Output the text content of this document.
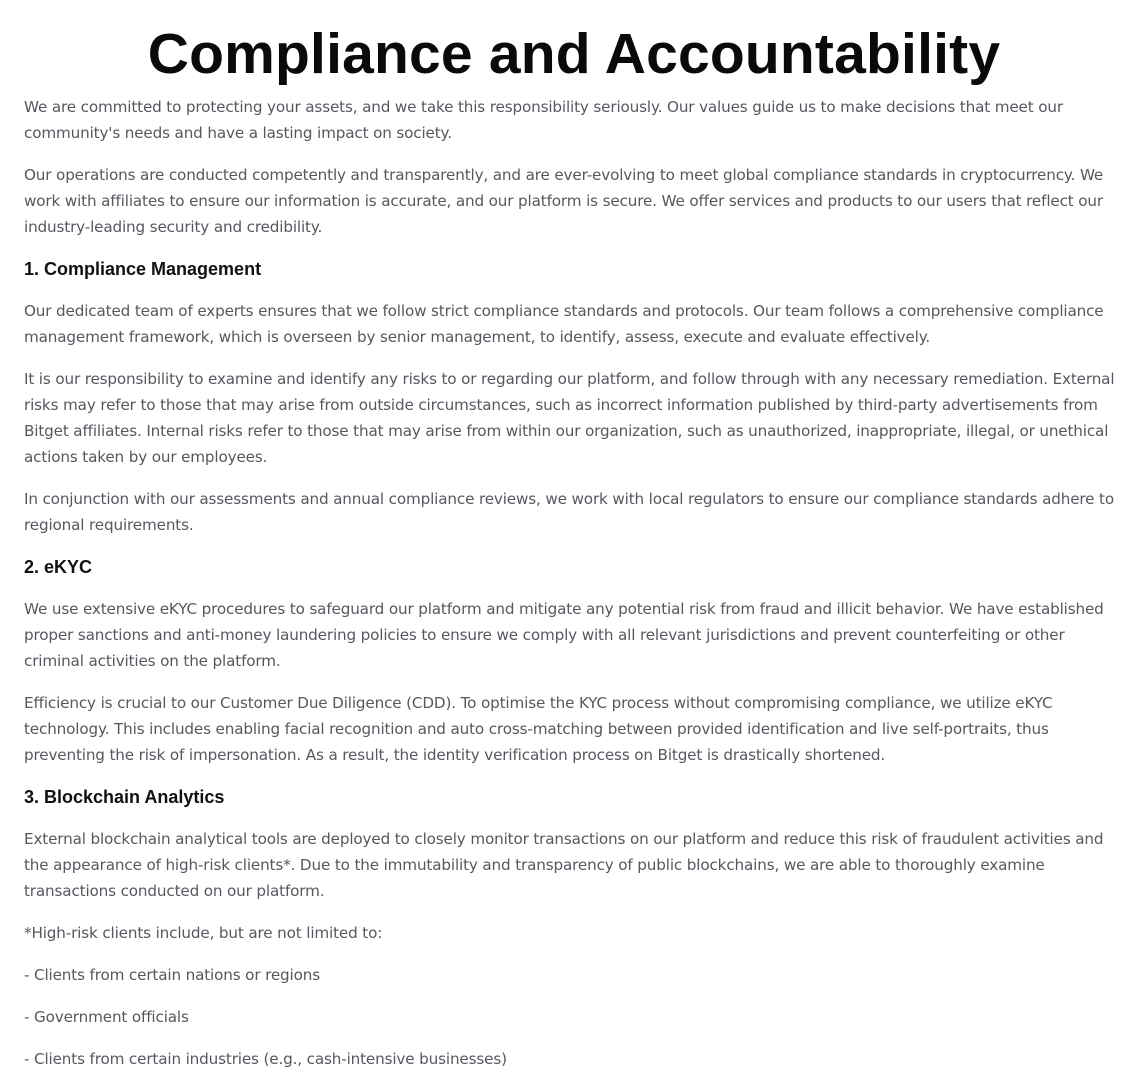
Compliance and Accountability

We are committed to protecting your assets, and we take this responsibility seriously. Our values guide us to make decisions that meet our community's needs and have a lasting impact on society.

Our operations are conducted competently and transparently, and are ever-evolving to meet global compliance standards in cryptocurrency. We work with affiliates to ensure our information is accurate, and our platform is secure. We offer services and products to our users that reflect our industry-leading security and credibility.

1. Compliance Management

Our dedicated team of experts ensures that we follow strict compliance standards and protocols. Our team follows a comprehensive compliance management framework, which is overseen by senior management, to identify, assess, execute and evaluate effectively.

It is our responsibility to examine and identify any risks to or regarding our platform, and follow through with any necessary remediation. External risks may refer to those that may arise from outside circumstances, such as incorrect information published by third-party advertisements from Bitget affiliates. Internal risks refer to those that may arise from within our organization, such as unauthorized, inappropriate, illegal, or unethical actions taken by our employees.

In conjunction with our assessments and annual compliance reviews, we work with local regulators to ensure our compliance standards adhere to regional requirements.

2. eKYC

We use extensive eKYC procedures to safeguard our platform and mitigate any potential risk from fraud and illicit behavior. We have established proper sanctions and anti-money laundering policies to ensure we comply with all relevant jurisdictions and prevent counterfeiting or other criminal activities on the platform.

Efficiency is crucial to our Customer Due Diligence (CDD). To optimise the KYC process without compromising compliance, we utilize eKYC technology. This includes enabling facial recognition and auto cross-matching between provided identification and live self-portraits, thus preventing the risk of impersonation. As a result, the identity verification process on Bitget is drastically shortened.

3. Blockchain Analytics

External blockchain analytical tools are deployed to closely monitor transactions on our platform and reduce this risk of fraudulent activities and the appearance of high-risk clients*. Due to the immutability and transparency of public blockchains, we are able to thoroughly examine transactions conducted on our platform.

*High-risk clients include, but are not limited to:

- Clients from certain nations or regions

- Government officials

- Clients from certain industries (e.g., cash-intensive businesses)
